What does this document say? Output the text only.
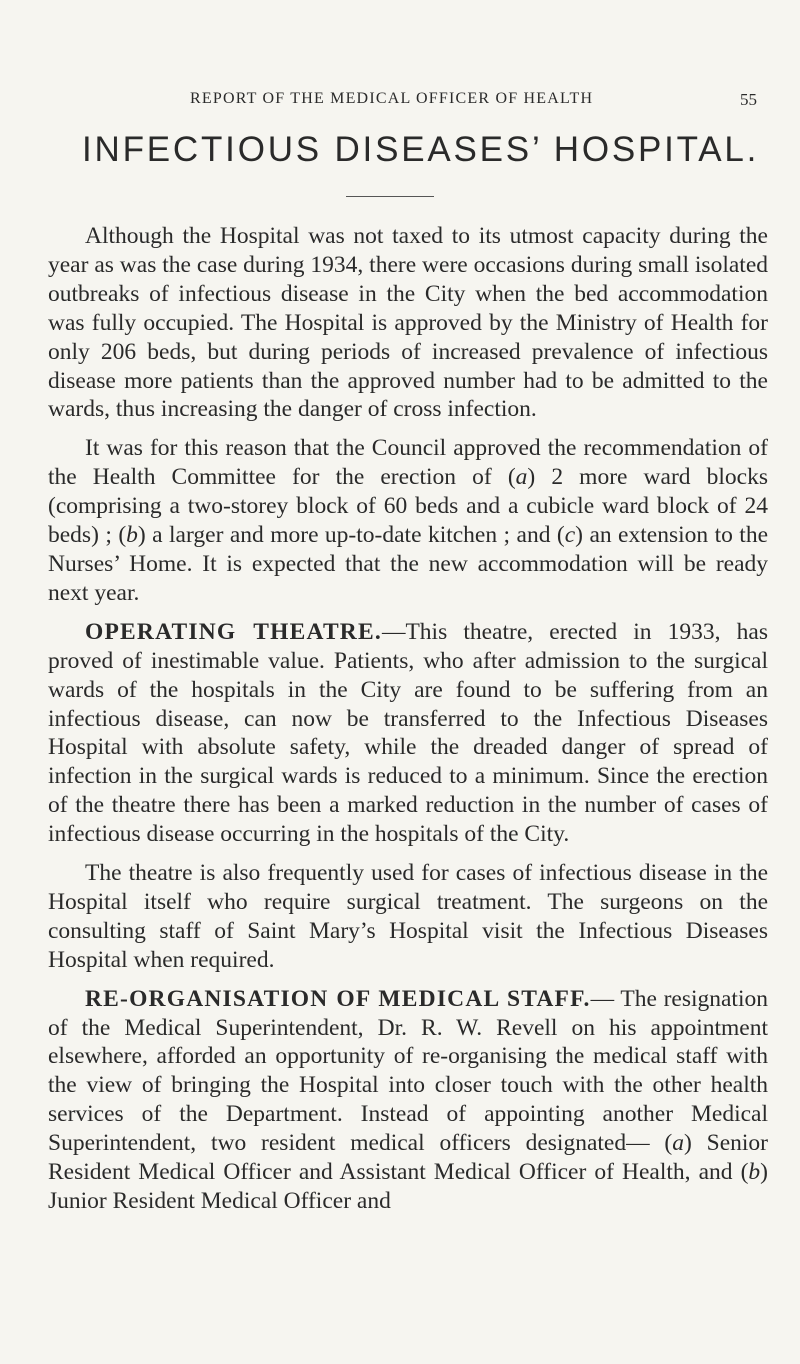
REPORT OF THE MEDICAL OFFICER OF HEALTH	55
INFECTIOUS DISEASES’ HOSPITAL.

Although the Hospital was not taxed to its utmost capacity during the year as was the case during 1934, there were occasions during small isolated outbreaks of infectious disease in the City when the bed accommodation was fully occupied. The Hospital is approved by the Ministry of Health for only 206 beds, but during periods of increased prevalence of infectious disease more patients than the approved number had to be admitted to the wards, thus increasing the danger of cross infection.

It was for this reason that the Council approved the recommendation of the Health Committee for the erection of (a) 2 more ward blocks (comprising a two-storey block of 60 beds and a cubicle ward block of 24 beds) ; (b) a larger and more up-to-date kitchen ; and (c) an extension to the Nurses’ Home. It is expected that the new accommodation will be ready next year.

OPERATING THEATRE.—This theatre, erected in 1933, has proved of inestimable value. Patients, who after admission to the surgical wards of the hospitals in the City are found to be suffering from an infectious disease, can now be transferred to the Infectious Diseases Hospital with absolute safety, while the dreaded danger of spread of infection in the surgical wards is reduced to a minimum. Since the erection of the theatre there has been a marked reduction in the number of cases of infectious disease occurring in the hospitals of the City.

The theatre is also frequently used for cases of infectious disease in the Hospital itself who require surgical treatment. The surgeons on the consulting staff of Saint Mary’s Hospital visit the Infectious Diseases Hospital when required.

RE-ORGANISATION OF MEDICAL STAFF.— The resignation of the Medical Superintendent, Dr. R. W. Revell on his appointment elsewhere, afforded an opportunity of re-organising the medical staff with the view of bringing the Hospital into closer touch with the other health services of the Department. Instead of appointing another Medical Superintendent, two resident medical officers designated— (a) Senior Resident Medical Officer and Assistant Medical Officer of Health, and (b) Junior Resident Medical Officer and
